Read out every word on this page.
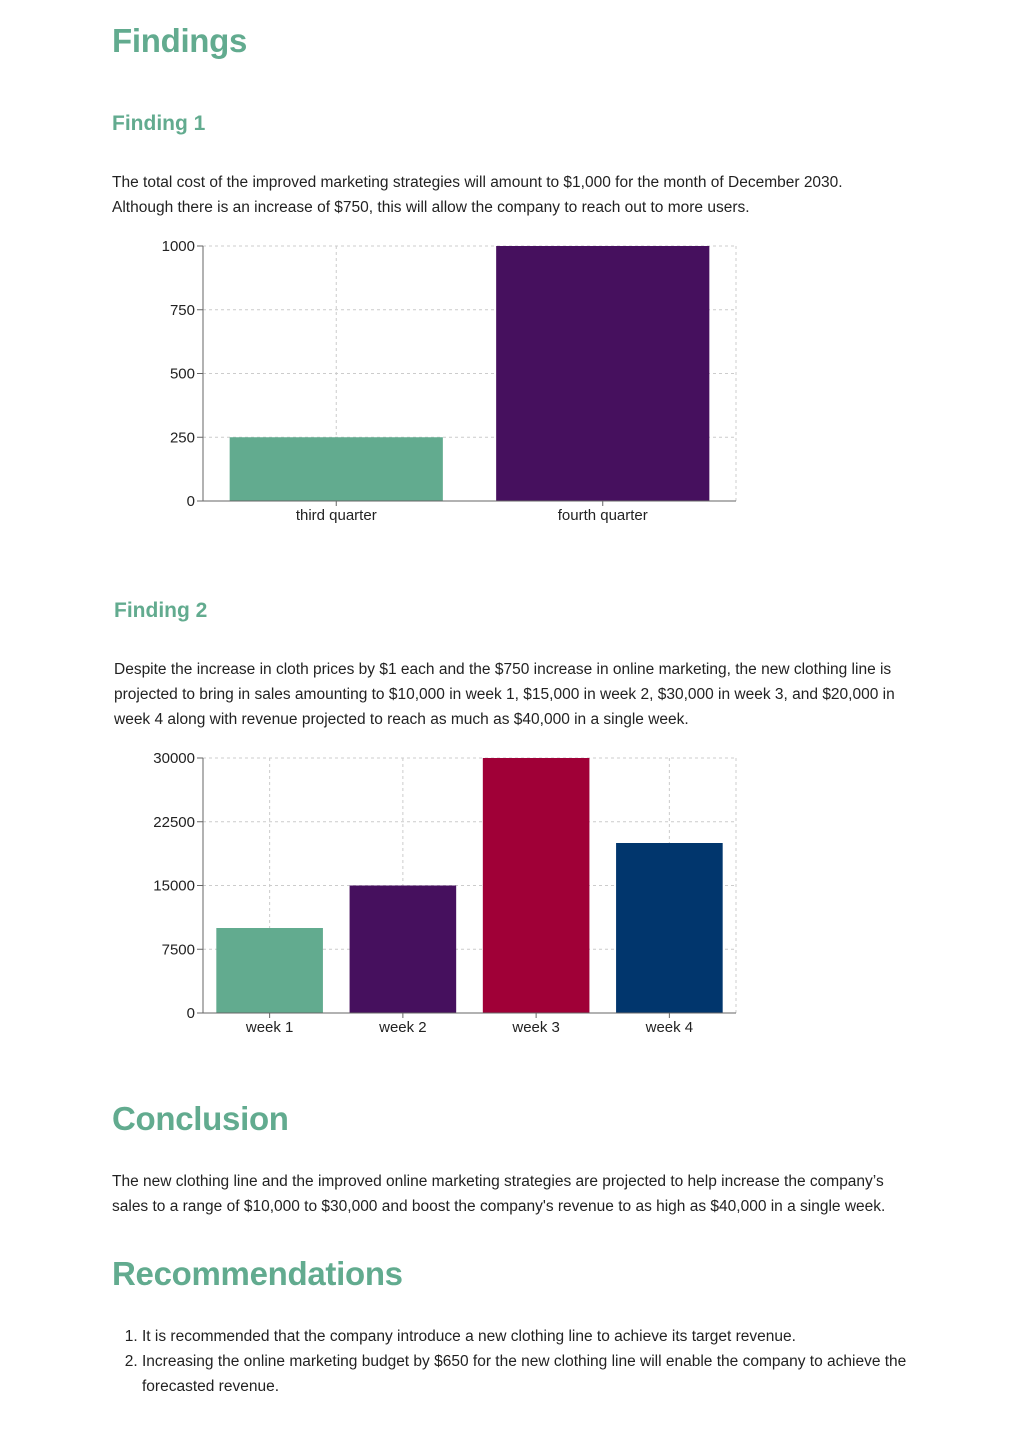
Findings
Finding 1
The total cost of the improved marketing strategies will amount to $1,000 for the month of December 2030.
Although there is an increase of $750, this will allow the company to reach out to more users.
0
250
500
750
1000
third quarter	fourth quarter
Finding 2
Despite the increase in cloth prices by $1 each and the $750 increase in online marketing, the new clothing line is
projected to bring in sales amounting to $10,000 in week 1, $15,000 in week 2, $30,000 in week 3, and $20,000 in
week 4 along with revenue projected to reach as much as $40,000 in a single week.
0
7500
15000
22500
30000
week 1	week 2	week 3	week 4
Conclusion
The new clothing line and the improved online marketing strategies are projected to help increase the company’s
sales to a range of $10,000 to $30,000 and boost the company's revenue to as high as $40,000 in a single week.
Recommendations
1. It is recommended that the company introduce a new clothing line to achieve its target revenue.
2. Increasing the online marketing budget by $650 for the new clothing line will enable the company to achieve the forecasted revenue.
